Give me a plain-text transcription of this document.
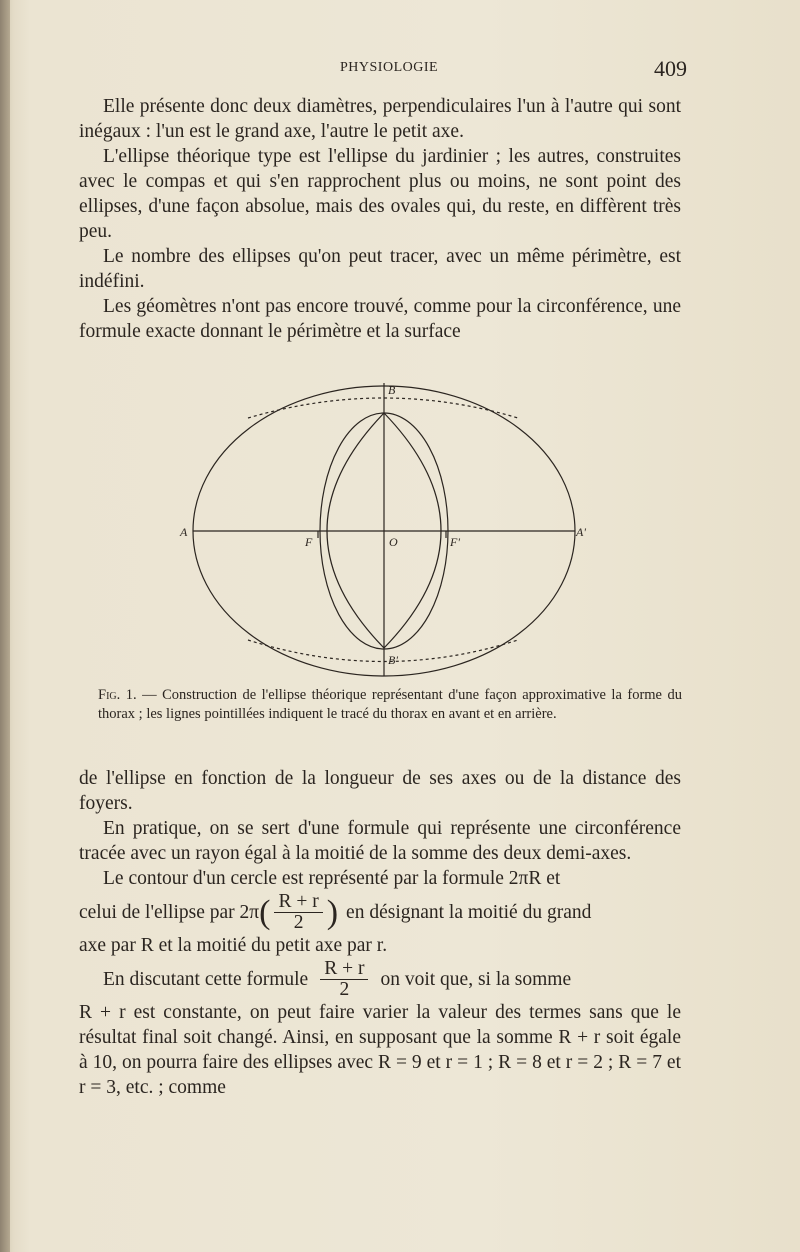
PHYSIOLOGIE	409

Elle présente donc deux diamètres, perpendiculaires l'un à l'autre qui sont inégaux : l'un est le grand axe, l'autre le petit axe.

L'ellipse théorique type est l'ellipse du jardinier ; les autres, construites avec le compas et qui s'en rapprochent plus ou moins, ne sont point des ellipses, d'une façon absolue, mais des ovales qui, du reste, en diffèrent très peu.

Le nombre des ellipses qu'on peut tracer, avec un même périmètre, est indéfini.

Les géomètres n'ont pas encore trouvé, comme pour la circonférence, une formule exacte donnant le périmètre et la surface

A	A'
B
B'
F	F'
O
Fig. 1. — Construction de l'ellipse théorique représentant d'une façon approximative la forme du thorax ; les lignes pointillées indiquent le tracé du thorax en avant et en arrière.

de l'ellipse en fonction de la longueur de ses axes ou de la distance des foyers.

En pratique, on se sert d'une formule qui représente une circonférence tracée avec un rayon égal à la moitié de la somme des deux demi-axes.

Le contour d'un cercle est représenté par la formule 2πR et

celui de l'ellipse par 2π ( $\frac{R + r}{2}$ ) en désignant la moitié du grand

axe par R et la moitié du petit axe par r.

En discutant cette formule $\frac{R + r}{2}$ on voit que, si la somme

R + r est constante, on peut faire varier la valeur des termes sans que le résultat final soit changé. Ainsi, en supposant que la somme R + r soit égale à 10, on pourra faire des ellipses avec R = 9 et r = 1 ; R = 8 et r = 2 ; R = 7 et r = 3, etc. ; comme
